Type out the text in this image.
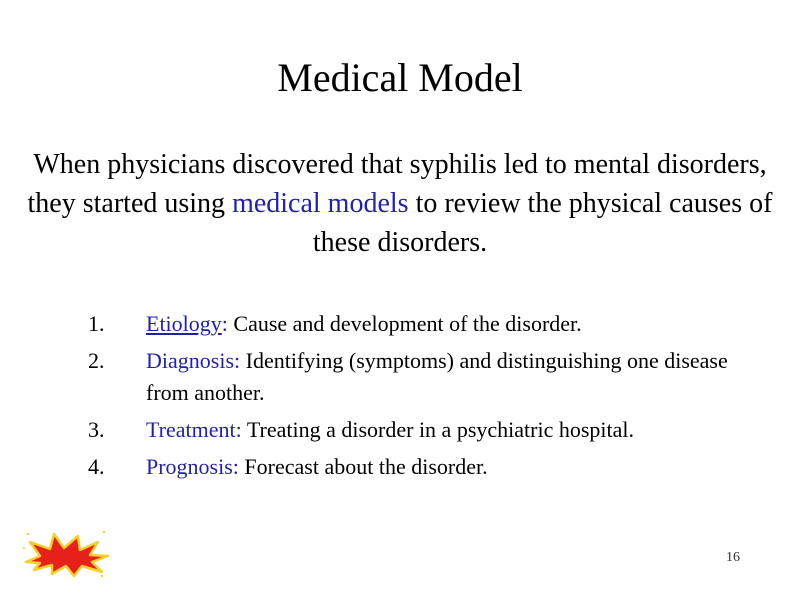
Medical Model
When physicians discovered that syphilis led to mental disorders, they started using medical models to review the physical causes of these disorders.
1. Etiology: Cause and development of the disorder.
2. Diagnosis: Identifying (symptoms) and distinguishing one disease from another.
3. Treatment: Treating a disorder in a psychiatric hospital.
4. Prognosis: Forecast about the disorder.
16
